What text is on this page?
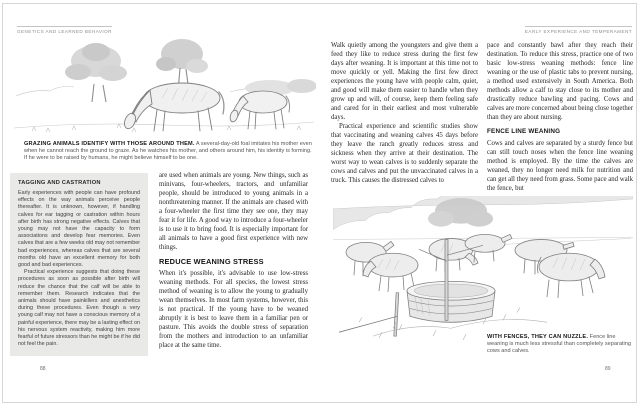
GENETICS AND LEARNED BEHAVIOR
GRAZING ANIMALS IDENTIFY WITH THOSE AROUND THEM. A several-day-old foal imitates his mother even when he cannot reach the ground to graze. As he watches his mother, and others around him, his identity is forming. If he were to be raised by humans, he might believe himself to be one.
TAGGING AND CASTRATION

Early experiences with people can have profound effects on the way animals perceive people thereafter. It is unknown, however, if handling calves for ear tagging or castration within hours after birth has strong negative effects. Calves that young may not have the capacity to form associations and develop fear memories. Even calves that are a few weeks old may not remember bad experiences, whereas calves that are several months old have an excellent memory for both good and bad experiences.

Practical experience suggests that doing these procedures as soon as possible after birth will reduce the chance that the calf will be able to remember them. Research indicates that the animals should have painkillers and anesthetics during these procedures. Even though a very young calf may not have a conscious memory of a painful experience, there may be a lasting effect on his nervous system reactivity, making him more fearful of future stressors than he might be if he did not feel the pain.

are used when animals are young. New things, such as minivans, four-wheelers, tractors, and unfamiliar people, should be introduced to young animals in a nonthreatening manner. If the animals are chased with a four-wheeler the first time they see one, they may fear it for life. A good way to introduce a four-wheeler is to use it to bring food. It is especially important for all animals to have a good first experience with new things.

REDUCE WEANING STRESS

When it's possible, it's advisable to use low-stress weaning methods. For all species, the lowest stress method of weaning is to allow the young to gradually wean themselves. In most farm systems, however, this is not practical. If the young have to be weaned abruptly it is best to leave them in a familiar pen or pasture. This avoids the double stress of separation from the mothers and introduction to an unfamiliar place at the same time.

88
EARLY EXPERIENCE AND TEMPERAMENT

Walk quietly among the youngsters and give them a feed they like to reduce stress during the first few days after weaning. It is important at this time not to move quickly or yell. Making the first few direct experiences the young have with people calm, quiet, and good will make them easier to handle when they grow up and will, of course, keep them feeling safe and cared for in their earliest and most vulnerable days.

Practical experience and scientific studies show that vaccinating and weaning calves 45 days before they leave the ranch greatly reduces stress and sickness when they arrive at their destination. The worst way to wean calves is to suddenly separate the cows and calves and put the unvaccinated calves in a truck. This causes the distressed calves to

pace and constantly bawl after they reach their destination. To reduce this stress, practice one of two basic low-stress weaning methods: fence line weaning or the use of plastic tabs to prevent nursing, a method used extensively in South America. Both methods allow a calf to stay close to its mother and drastically reduce bawling and pacing. Cows and calves are more concerned about being close together than they are about nursing.

FENCE LINE WEANING

Cows and calves are separated by a sturdy fence but can still touch noses when the fence line weaning method is employed. By the time the calves are weaned, they no longer need milk for nutrition and can get all they need from grass. Some pace and walk the fence, but

WITH FENCES, THEY CAN NUZZLE. Fence line weaning is much less stressful than completely separating cows and calves.
89
